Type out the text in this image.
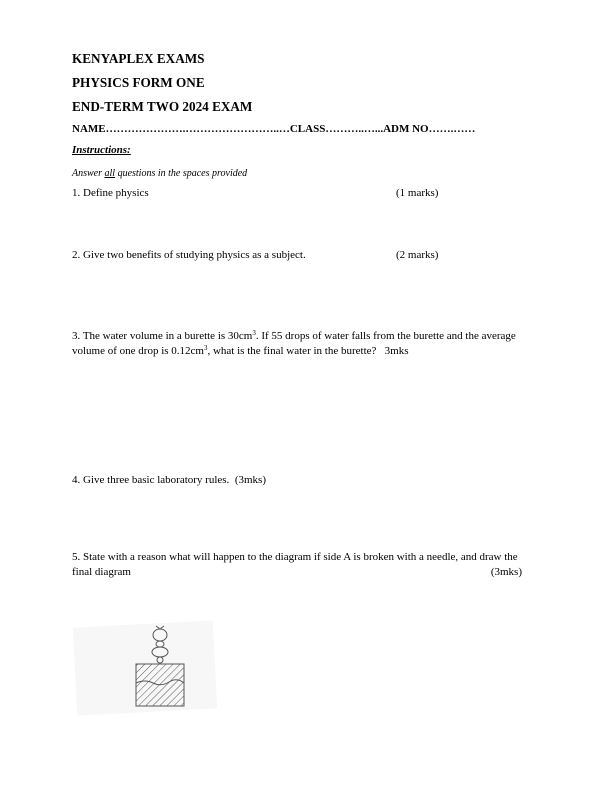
KENYAPLEX EXAMS
PHYSICS FORM ONE
END-TERM TWO 2024 EXAM
NAME………………….……………………..…CLASS………..…...ADM NO…….……
Instructions:
Answer all questions in the spaces provided
1. Define physics	(1 marks)
2. Give two benefits of studying physics as a subject.	(2 marks)
3. The water volume in a burette is $30cm^3$. If 55 drops of water falls from the burette and the average volume of one drop is $0.12cm^3$, what is the final water in the burette? 3mks
4. Give three basic laboratory rules. (3mks)
5. State with a reason what will happen to the diagram if side A is broken with a needle, and draw the final diagram	(3mks)
